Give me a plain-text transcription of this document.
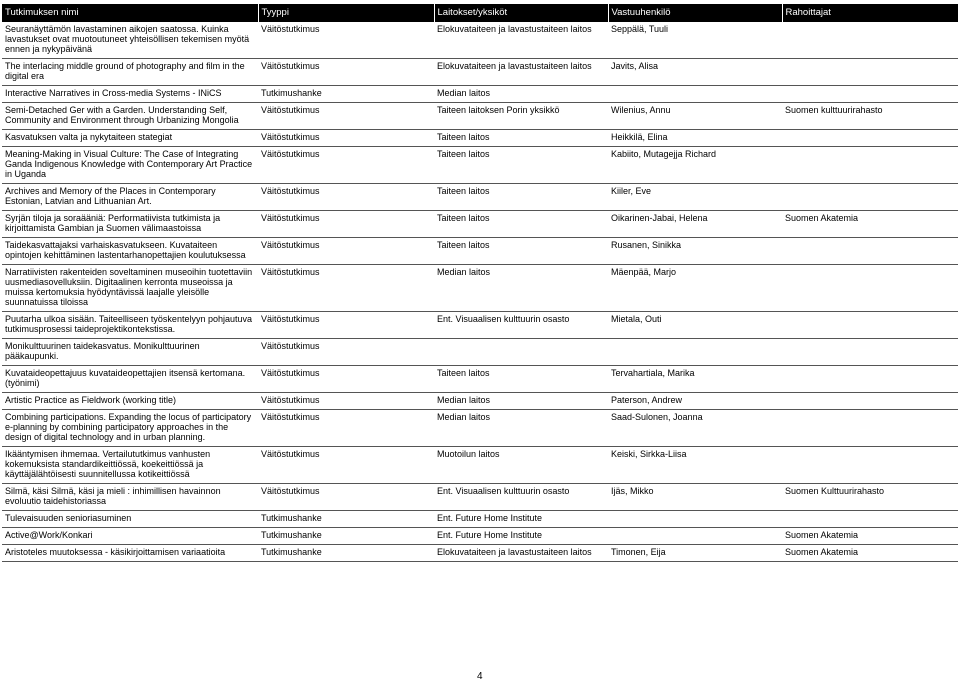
Tutkimuksen nimi	Tyyppi	Laitokset/yksiköt	Vastuuhenkilö	Rahoittajat
Seuranäyttämön lavastaminen aikojen saatossa. Kuinka lavastukset ovat muotoutuneet yhteisöllisen tekemisen myötä ennen ja nykypäivänä	Väitöstutkimus	Elokuvataiteen ja lavastustaiteen laitos	Seppälä, Tuuli	
The interlacing middle ground of photography and film in the digital era	Väitöstutkimus	Elokuvataiteen ja lavastustaiteen laitos	Javits, Alisa	
Interactive Narratives in Cross-media Systems - INiCS	Tutkimushanke	Median laitos		
Semi-Detached Ger with a Garden. Understanding Self, Community and Environment through Urbanizing Mongolia	Väitöstutkimus	Taiteen laitoksen Porin yksikkö	Wilenius, Annu	Suomen kulttuurirahasto
Kasvatuksen valta ja nykytaiteen stategiat	Väitöstutkimus	Taiteen laitos	Heikkilä, Elina	
Meaning-Making in Visual Culture: The Case of Integrating Ganda Indigenous Knowledge with Contemporary Art Practice in Uganda	Väitöstutkimus	Taiteen laitos	Kabiito, Mutagejja Richard	
Archives and Memory of the Places in Contemporary Estonian, Latvian and Lithuanian Art.	Väitöstutkimus	Taiteen laitos	Kiiler, Eve	
Syrjän tiloja ja soraääniä: Performatiivista tutkimista ja kirjoittamista Gambian ja Suomen välimaastoissa	Väitöstutkimus	Taiteen laitos	Oikarinen-Jabai, Helena	Suomen Akatemia
Taidekasvattajaksi varhaiskasvatukseen. Kuvataiteen opintojen kehittäminen lastentarhanopettajien koulutuksessa	Väitöstutkimus	Taiteen laitos	Rusanen, Sinikka	
Narratiivisten rakenteiden soveltaminen museoihin tuotettaviin uusmediasovelluksiin. Digitaalinen kerronta museoissa ja muissa kertomuksia hyödyntävissä laajalle yleisölle suunnatuissa tiloissa	Väitöstutkimus	Median laitos	Mäenpää, Marjo	
Puutarha ulkoa sisään. Taiteelliseen työskentelyyn pohjautuva tutkimusprosessi taideprojektikontekstissa.	Väitöstutkimus	Ent. Visuaalisen kulttuurin osasto	Mietala, Outi	
Monikulttuurinen taidekasvatus. Monikulttuurinen pääkaupunki.	Väitöstutkimus			
Kuvataideopettajuus kuvataideopettajien itsensä kertomana. (työnimi)	Väitöstutkimus	Taiteen laitos	Tervahartiala, Marika	
Artistic Practice as Fieldwork (working title)	Väitöstutkimus	Median laitos	Paterson, Andrew	
Combining participations. Expanding the locus of participatory e-planning by combining participatory approaches in the design of digital technology and in urban planning.	Väitöstutkimus	Median laitos	Saad-Sulonen, Joanna	
Ikääntymisen ihmemaa. Vertailututkimus vanhusten kokemuksista standardikeittiössä, koekeittiössä ja käyttäjälähtöisesti suunnitellussa kotikeittiössä	Väitöstutkimus	Muotoilun laitos	Keiski, Sirkka-Liisa	
Silmä, käsi Silmä, käsi ja mieli : inhimillisen havainnon evoluutio taidehistoriassa	Väitöstutkimus	Ent. Visuaalisen kulttuurin osasto	Ijäs, Mikko	Suomen Kulttuurirahasto
Tulevaisuuden senioriasuminen	Tutkimushanke	Ent. Future Home Institute		
Active@Work/Konkari	Tutkimushanke	Ent. Future Home Institute		Suomen Akatemia
Aristoteles muutoksessa - käsikirjoittamisen variaatioita	Tutkimushanke	Elokuvataiteen ja lavastustaiteen laitos	Timonen, Eija	Suomen Akatemia
4
